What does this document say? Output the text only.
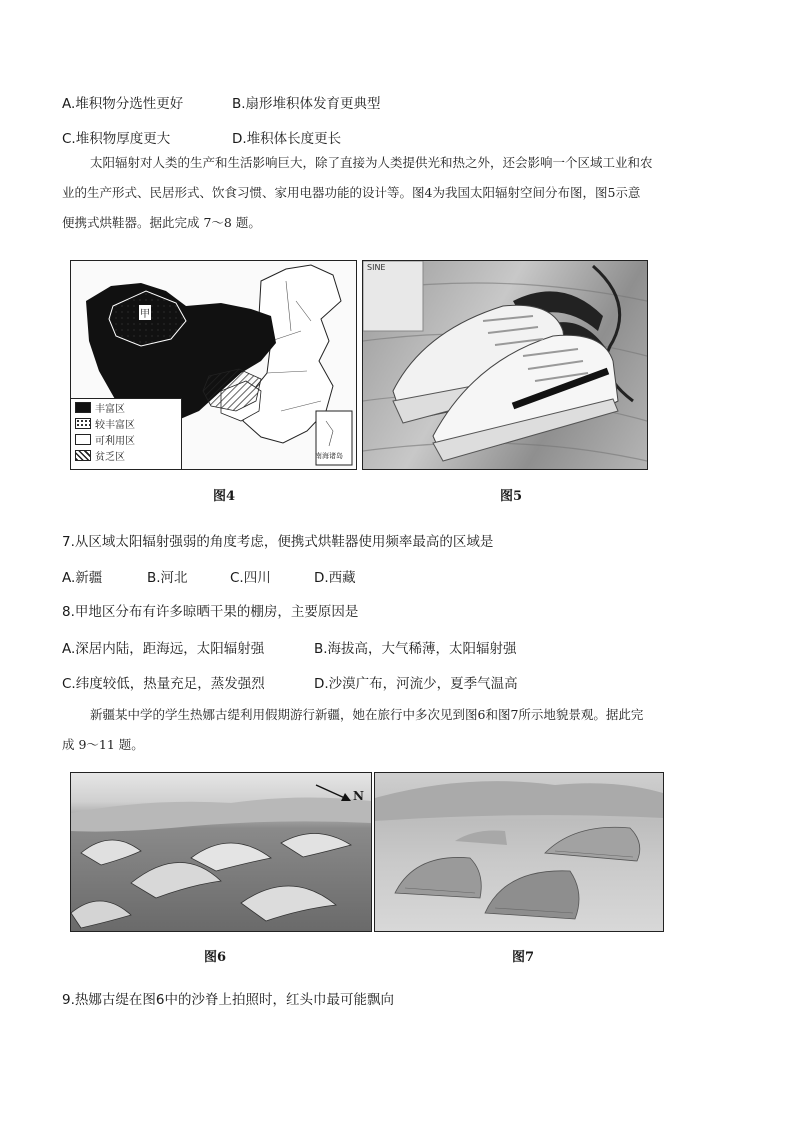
A.堆积物分选性更好	B.扇形堆积体发育更典型
C.堆积物厚度更大	D.堆积体长度更长
太阳辐射对人类的生产和生活影响巨大，除了直接为人类提供光和热之外，还会影响一个区域工业和农
业的生产形式、民居形式、饮食习惯、家用电器功能的设计等。图4为我国太阳辐射空间分布图，图5示意
便携式烘鞋器。据此完成 7～8 题。
甲
南海诸岛
丰富区
较丰富区
可利用区
贫乏区
图4
SINE
图5
7.从区域太阳辐射强弱的角度考虑，便携式烘鞋器使用频率最高的区域是
A.新疆	B.河北	C.四川	D.西藏
8.甲地区分布有许多晾晒干果的棚房，主要原因是
A.深居内陆，距海远，太阳辐射强	B.海拔高，大气稀薄，太阳辐射强
C.纬度较低，热量充足，蒸发强烈	D.沙漠广布，河流少，夏季气温高
新疆某中学的学生热娜古缇利用假期游行新疆，她在旅行中多次见到图6和图7所示地貌景观。据此完
成 9～11 题。
N
图6	图7
9.热娜古缇在图6中的沙脊上拍照时，红头巾最可能飘向
